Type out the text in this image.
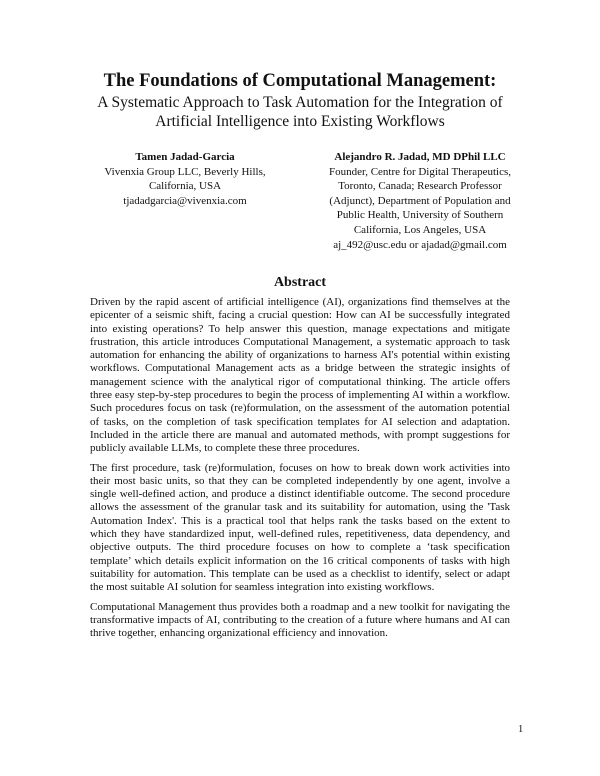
The Foundations of Computational Management:
A Systematic Approach to Task Automation for the Integration of
Artificial Intelligence into Existing Workflows
Tamen Jadad-Garcia
Vivenxia Group LLC, Beverly Hills,
California, USA
tjadadgarcia@vivenxia.com
Alejandro R. Jadad, MD DPhil LLC
Founder, Centre for Digital Therapeutics,
Toronto, Canada; Research Professor
(Adjunct), Department of Population and
Public Health, University of Southern
California, Los Angeles, USA
aj_492@usc.edu or ajadad@gmail.com
Abstract

Driven by the rapid ascent of artificial intelligence (AI), organizations find themselves at the epicenter of a seismic shift, facing a crucial question: How can AI be successfully integrated into existing operations? To help answer this question, manage expectations and mitigate frustration, this article introduces Computational Management, a systematic approach to task automation for enhancing the ability of organizations to harness AI's potential within existing workflows. Computational Management acts as a bridge between the strategic insights of management science with the analytical rigor of computational thinking. The article offers three easy step-by-step procedures to begin the process of implementing AI within a workflow. Such procedures focus on task (re)formulation, on the assessment of the automation potential of tasks, on the completion of task specification templates for AI selection and adaptation. Included in the article there are manual and automated methods, with prompt suggestions for publicly available LLMs, to complete these three procedures.

The first procedure, task (re)formulation, focuses on how to break down work activities into their most basic units, so that they can be completed independently by one agent, involve a single well-defined action, and produce a distinct identifiable outcome. The second procedure allows the assessment of the granular task and its suitability for automation, using the 'Task Automation Index'. This is a practical tool that helps rank the tasks based on the extent to which they have standardized input, well-defined rules, repetitiveness, data dependency, and objective outputs. The third procedure focuses on how to complete a ‘task specification template’ which details explicit information on the 16 critical components of tasks with high suitability for automation. This template can be used as a checklist to identify, select or adapt the most suitable AI solution for seamless integration into existing workflows.

Computational Management thus provides both a roadmap and a new toolkit for navigating the transformative impacts of AI, contributing to the creation of a future where humans and AI can thrive together, enhancing organizational efficiency and innovation.

1
